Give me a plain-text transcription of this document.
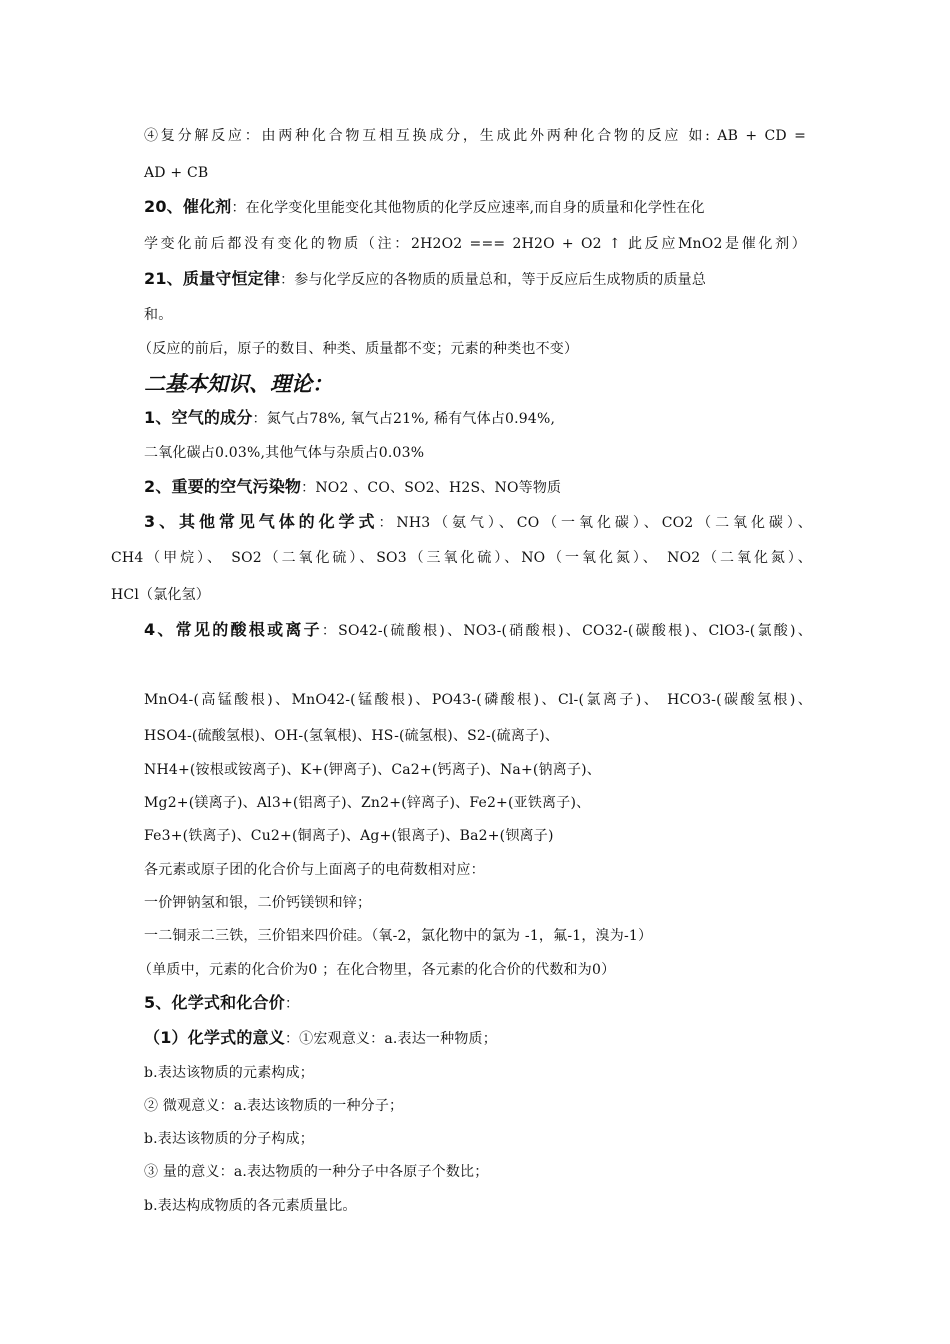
④复分解反应：由两种化合物互相互换成分，生成此外两种化合物的反应 如: AB + CD =
AD + CB
20、催化剂：在化学变化里能变化其他物质的化学反应速率,而自身的质量和化学性在化
学变化前后都没有变化的物质（注：2H2O2 === 2H2O + O2 ↑ 此反应MnO2是催化剂）
21、质量守恒定律：参与化学反应的各物质的质量总和，等于反应后生成物质的质量总
和。
（反应的前后，原子的数目、种类、质量都不变；元素的种类也不变）
二基本知识、理论：
1、空气的成分：氮气占78%, 氧气占21%, 稀有气体占0.94%,
二氧化碳占0.03%,其他气体与杂质占0.03%
2、重要的空气污染物：NO2 、CO、SO2、H2S、NO等物质
3、其他常见气体的化学式：NH3（氨气）、CO（一氧化碳）、CO2（二氧化碳）、
CH4（甲烷）、 SO2（二氧化硫）、SO3（三氧化硫）、NO（一氧化氮）、 NO2（二氧化氮）、
HCl（氯化氢）
4、常见的酸根或离子：SO42-(硫酸根)、NO3-(硝酸根)、CO32-(碳酸根)、ClO3-(氯酸)、
MnO4-(高锰酸根)、MnO42-(锰酸根)、PO43-(磷酸根)、Cl-(氯离子)、 HCO3-(碳酸氢根)、
HSO4-(硫酸氢根)、OH-(氢氧根)、HS-(硫氢根)、S2-(硫离子)、
NH4+(铵根或铵离子)、K+(钾离子)、Ca2+(钙离子)、Na+(钠离子)、
Mg2+(镁离子)、Al3+(铝离子)、Zn2+(锌离子)、Fe2+(亚铁离子)、
Fe3+(铁离子)、Cu2+(铜离子)、Ag+(银离子)、Ba2+(钡离子)
各元素或原子团的化合价与上面离子的电荷数相对应：
一价钾钠氢和银，二价钙镁钡和锌；
一二铜汞二三铁，三价铝来四价硅。（氧-2，氯化物中的氯为 -1，氟-1，溴为-1）
（单质中，元素的化合价为0 ；在化合物里，各元素的化合价的代数和为0）
5、化学式和化合价：
（1）化学式的意义：①宏观意义：a.表达一种物质；
b.表达该物质的元素构成；
② 微观意义：a.表达该物质的一种分子；
b.表达该物质的分子构成；
③ 量的意义：a.表达物质的一种分子中各原子个数比；
b.表达构成物质的各元素质量比。
